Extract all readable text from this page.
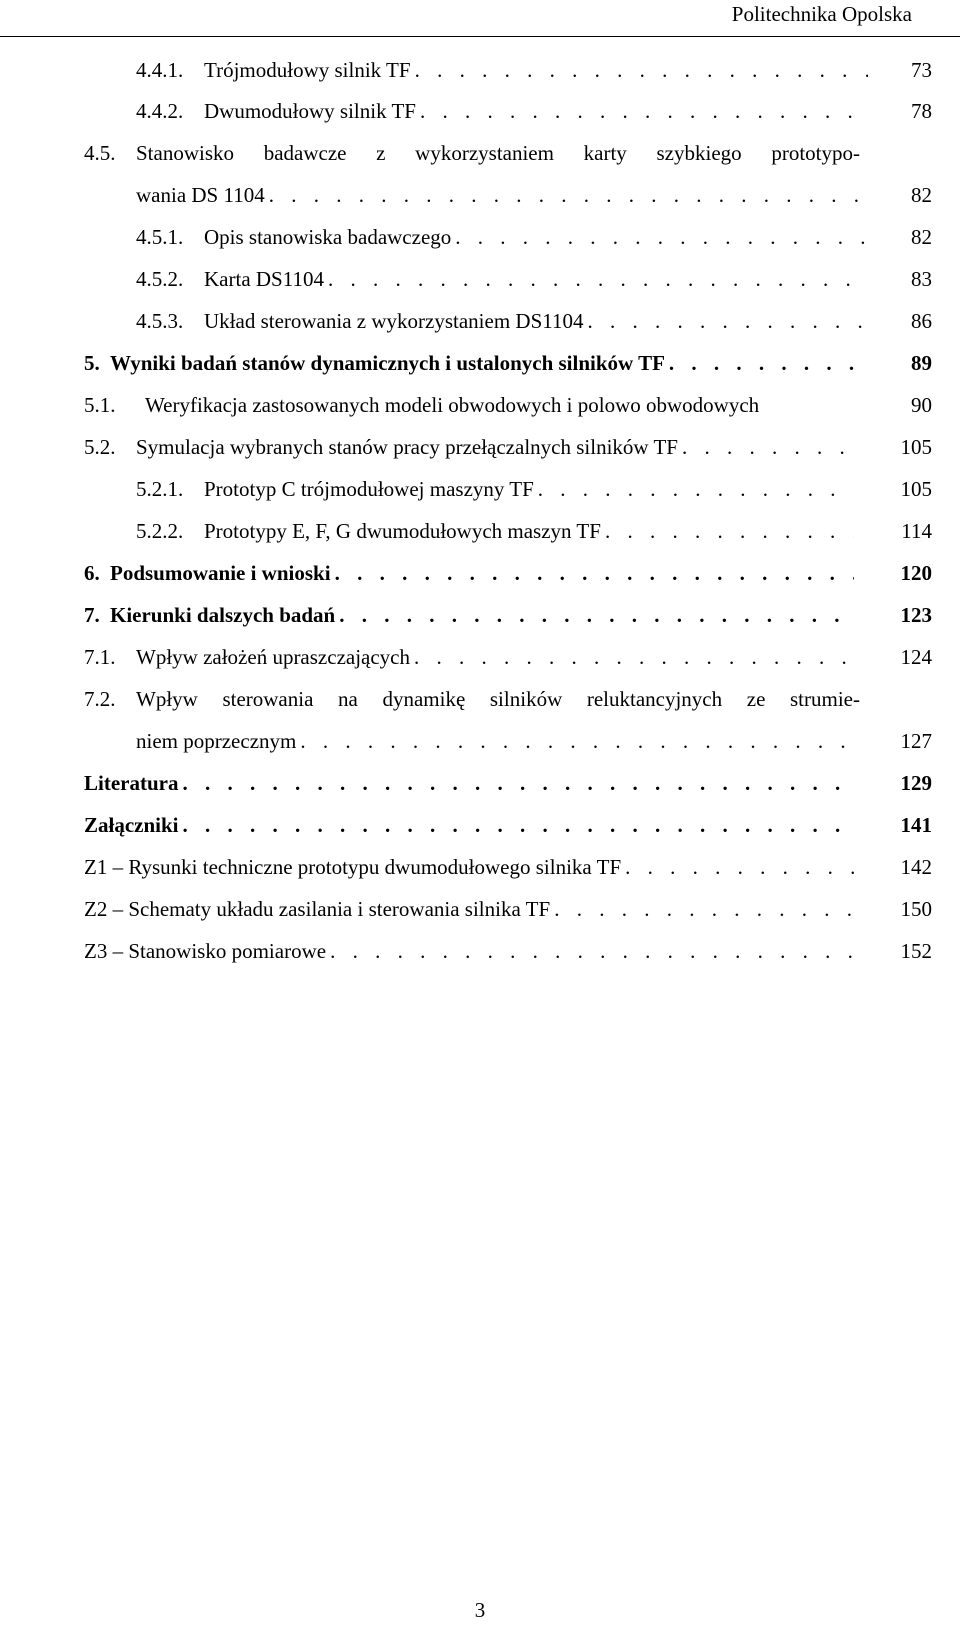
Politechnika Opolska
4.4.1. Trójmodułowy silnik TF . . .	73
4.4.2. Dwumodułowy silnik TF . . .	78
4.5. Stanowisko badawcze z wykorzystaniem karty szybkiego prototypo-
wania DS 1104 . . .	82
4.5.1. Opis stanowiska badawczego . . .	82
4.5.2. Karta DS1104 . . .	83
4.5.3. Układ sterowania z wykorzystaniem DS1104 . . .	86
5. Wyniki badań stanów dynamicznych i ustalonych silników TF . . .	89
5.1. Weryfikacja zastosowanych modeli obwodowych i polowo obwodowych	90
5.2. Symulacja wybranych stanów pracy przełączalnych silników TF . . .	105
5.2.1. Prototyp C trójmodułowej maszyny TF . . .	105
5.2.2. Prototypy E, F, G dwumodułowych maszyn TF . . .	114
6. Podsumowanie i wnioski . . .	120
7. Kierunki dalszych badań . . .	123
7.1. Wpływ założeń upraszczających . . .	124
7.2. Wpływ sterowania na dynamikę silników reluktancyjnych ze strumie-
niem poprzecznym . . .	127
Literatura . . .	129
Załączniki . . .	141
Z1 – Rysunki techniczne prototypu dwumodułowego silnika TF . . .	142
Z2 – Schematy układu zasilania i sterowania silnika TF . . .	150
Z3 – Stanowisko pomiarowe . . .	152
3
